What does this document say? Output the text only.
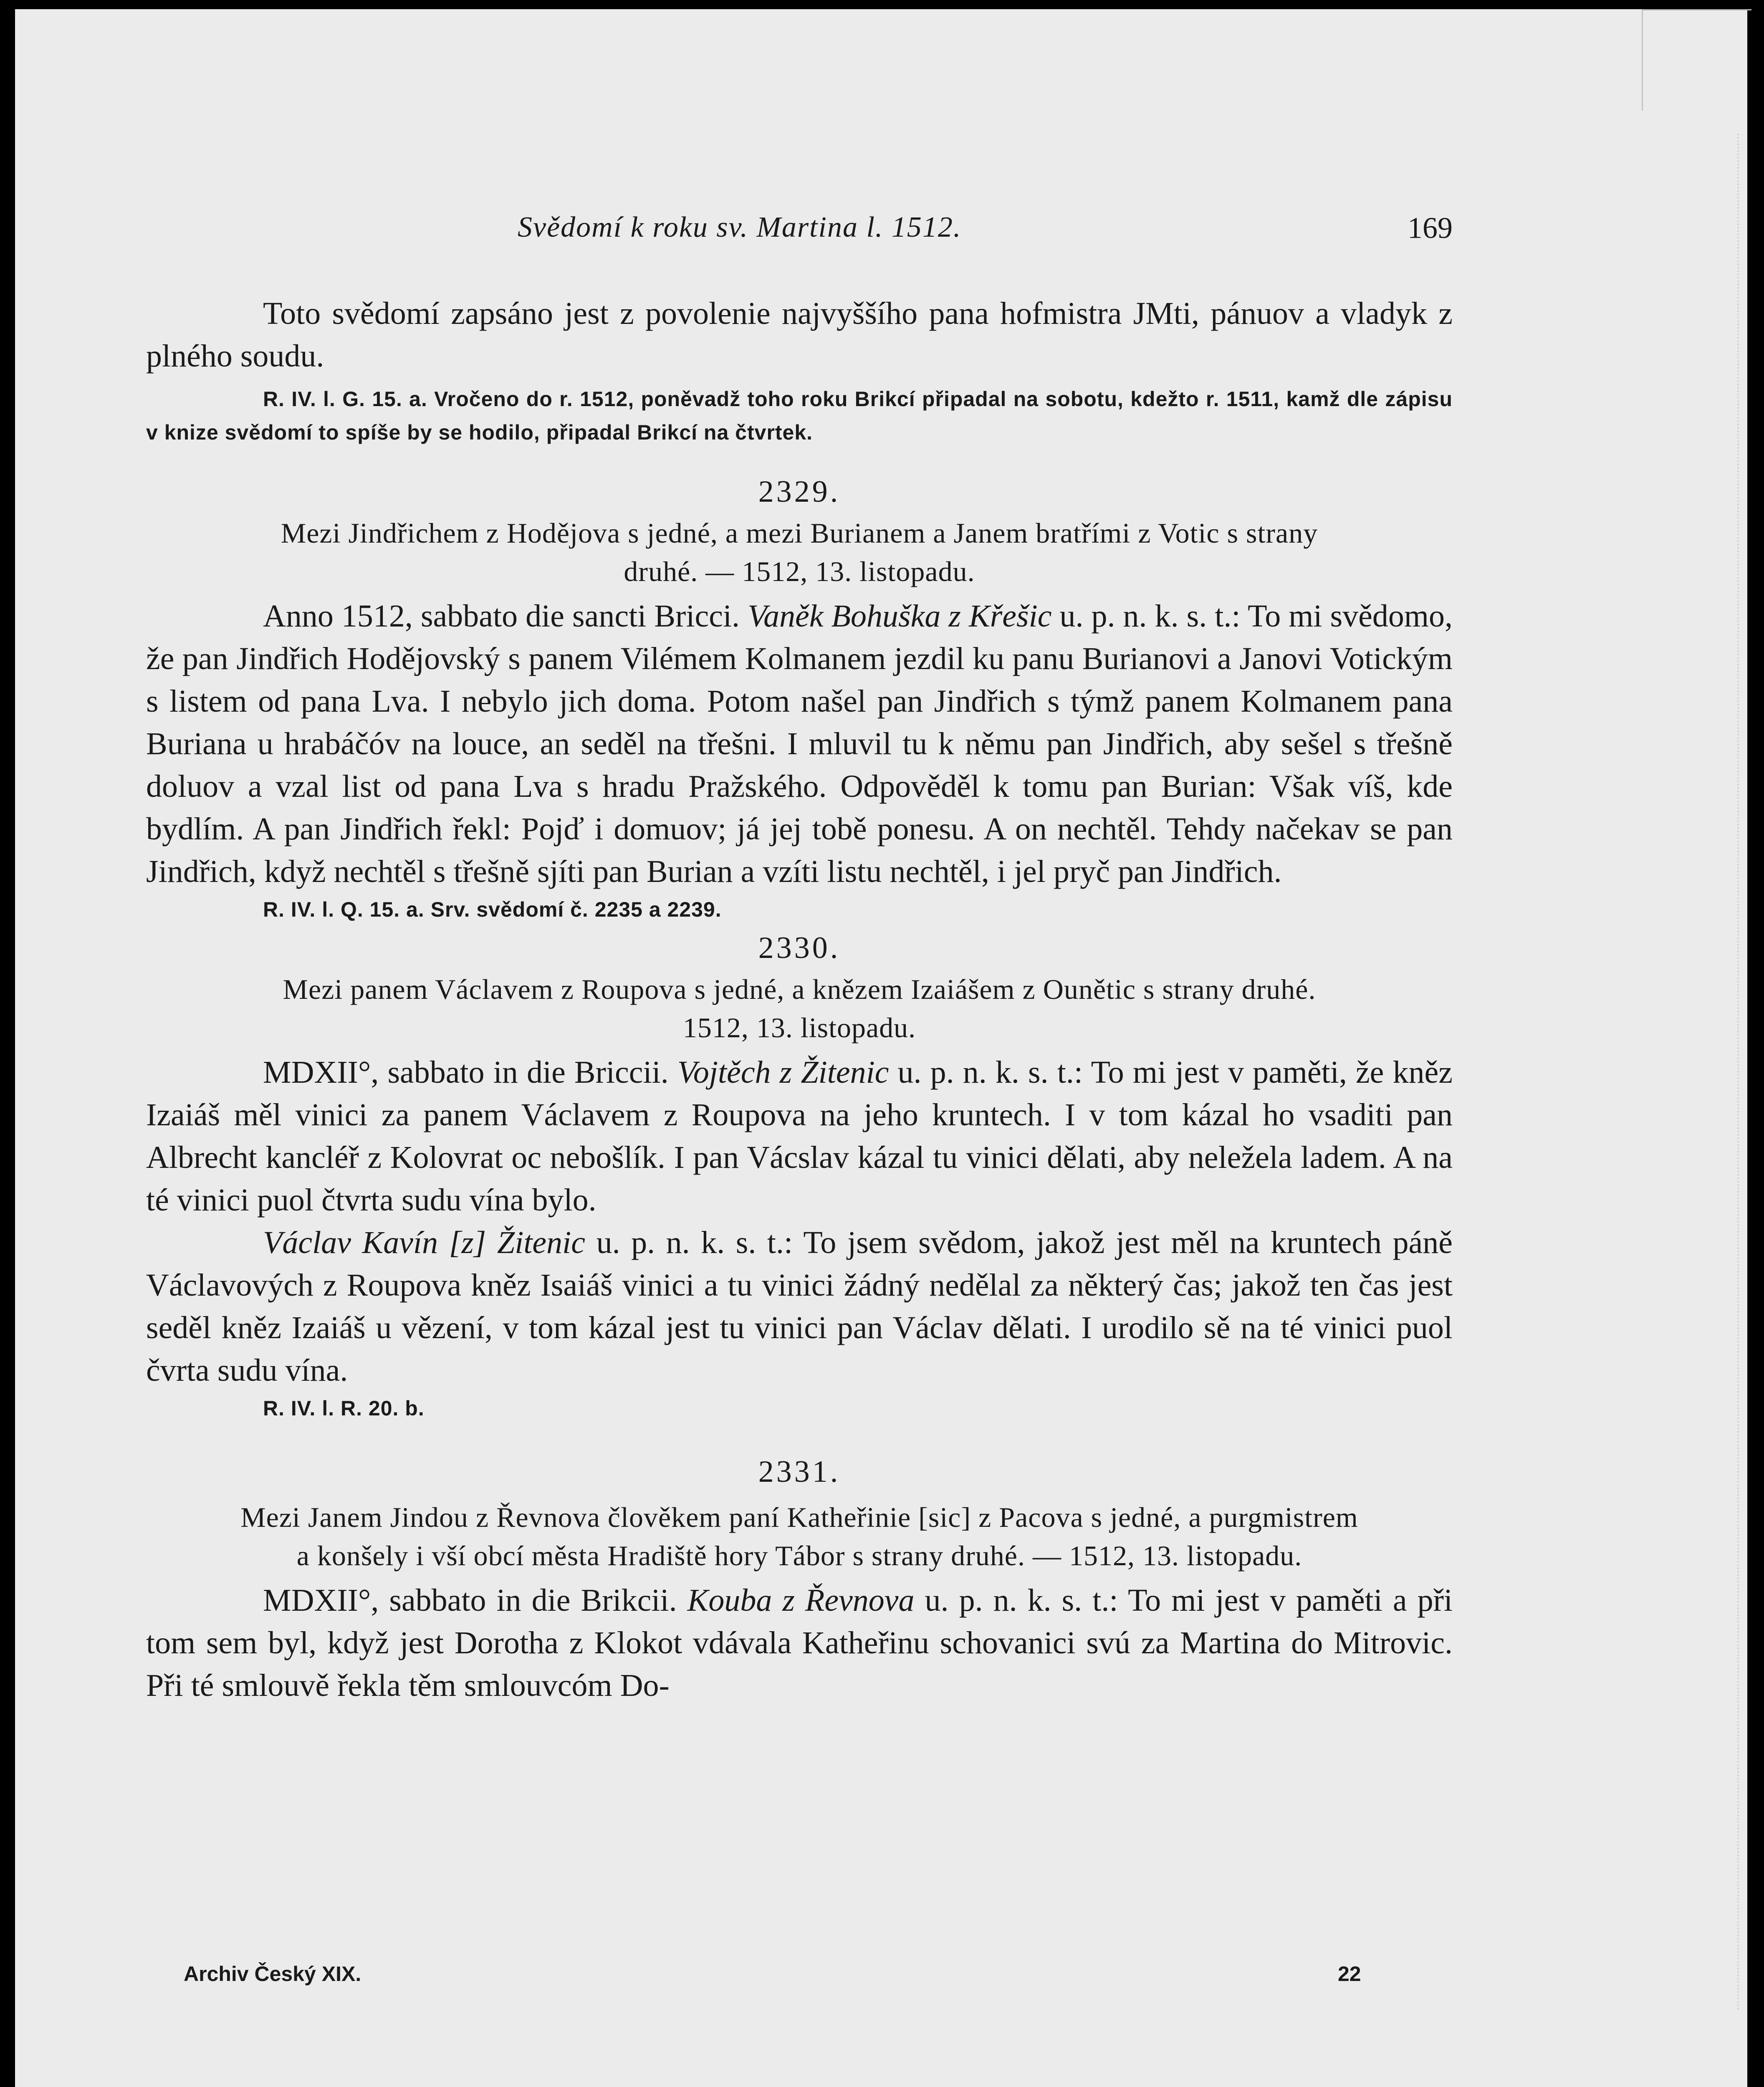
Svědomí k roku sv. Martina l. 1512.	169

Toto svědomí zapsáno jest z povolenie najvyššího pana hofmistra JMti, pánuov a vladyk z plného soudu.

R. IV. l. G. 15. a. Vročeno do r. 1512, poněvadž toho roku Brikcí připadal na sobotu, kdežto r. 1511, kamž dle zápisu v knize svědomí to spíše by se hodilo, připadal Brikcí na čtvrtek.

2329.

Mezi Jindřichem z Hodějova s jedné, a mezi Burianem a Janem bratřími z Votic s strany

druhé. — 1512, 13. listopadu.

Anno 1512, sabbato die sancti Bricci. Vaněk Bohuška z Křešic u. p. n. k. s. t.: To mi svědomo, že pan Jindřich Hodějovský s panem Vilémem Kolmanem jezdil ku panu Burianovi a Janovi Votickým s listem od pana Lva. I nebylo jich doma. Potom našel pan Jindřich s týmž panem Kolmanem pana Buriana u hrabáčóv na louce, an seděl na třešni. I mluvil tu k němu pan Jindřich, aby sešel s třešně doluov a vzal list od pana Lva s hradu Pražského. Odpověděl k tomu pan Burian: Však víš, kde bydlím. A pan Jindřich řekl: Pojď i domuov; já jej tobě ponesu. A on nechtěl. Tehdy načekav se pan Jindřich, když nechtěl s třešně sjíti pan Burian a vzíti listu nechtěl, i jel pryč pan Jindřich.

R. IV. l. Q. 15. a. Srv. svědomí č. 2235 a 2239.

2330.

Mezi panem Václavem z Roupova s jedné, a knězem Izaiášem z Ounětic s strany druhé.

1512, 13. listopadu.

MDXII°, sabbato in die Briccii. Vojtěch z Žitenic u. p. n. k. s. t.: To mi jest v paměti, že kněz Izaiáš měl vinici za panem Václavem z Roupova na jeho kruntech. I v tom kázal ho vsaditi pan Albrecht kancléř z Kolovrat oc nebošlík. I pan Vácslav kázal tu vinici dělati, aby neležela ladem. A na té vinici puol čtvrta sudu vína bylo.

Václav Kavín [z] Žitenic u. p. n. k. s. t.: To jsem svědom, jakož jest měl na kruntech páně Václavových z Roupova kněz Isaiáš vinici a tu vinici žádný nedělal za některý čas; jakož ten čas jest seděl kněz Izaiáš u vězení, v tom kázal jest tu vinici pan Václav dělati. I urodilo sě na té vinici puol čvrta sudu vína.

R. IV. l. R. 20. b.

2331.

Mezi Janem Jindou z Řevnova člověkem paní Katheřinie [sic] z Pacova s jedné, a purgmistrem

a konšely i vší obcí města Hradiště hory Tábor s strany druhé. — 1512, 13. listopadu.

MDXII°, sabbato in die Brikcii. Kouba z Řevnova u. p. n. k. s. t.: To mi jest v paměti a při tom sem byl, když jest Dorotha z Klokot vdávala Katheřinu schovanici svú za Martina do Mitrovic. Při té smlouvě řekla těm smlouvcóm Do-

Archiv Český XIX.	22
